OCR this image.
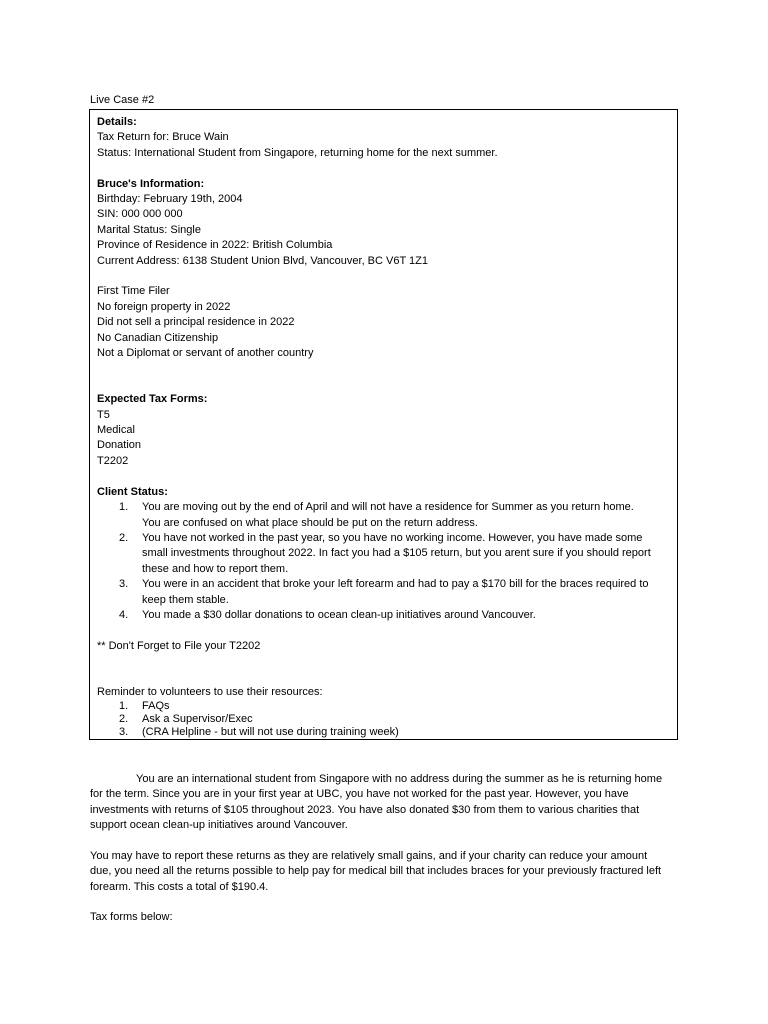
Live Case #2
Details:
Tax Return for: Bruce Wain
Status: International Student from Singapore, returning home for the next summer.
Bruce's Information:
Birthday: February 19th, 2004
SIN: 000 000 000
Marital Status: Single
Province of Residence in 2022: British Columbia
Current Address: 6138 Student Union Blvd, Vancouver, BC V6T 1Z1
First Time Filer
No foreign property in 2022
Did not sell a principal residence in 2022
No Canadian Citizenship
Not a Diplomat or servant of another country
Expected Tax Forms:
T5
Medical
Donation
T2202
Client Status:
1. You are moving out by the end of April and will not have a residence for Summer as you return home.
You are confused on what place should be put on the return address.
2. You have not worked in the past year, so you have no working income. However, you have made some
small investments throughout 2022. In fact you had a $105 return, but you arent sure if you should report
these and how to report them.
3. You were in an accident that broke your left forearm and had to pay a $170 bill for the braces required to
keep them stable.
4. You made a $30 dollar donations to ocean clean-up initiatives around Vancouver.
** Don't Forget to File your T2202
Reminder to volunteers to use their resources:
1. FAQs
2. Ask a Supervisor/Exec
3. (CRA Helpline - but will not use during training week)
You are an international student from Singapore with no address during the summer as he is returning home
for the term. Since you are in your first year at UBC, you have not worked for the past year. However, you have
investments with returns of $105 throughout 2023. You have also donated $30 from them to various charities that
support ocean clean-up initiatives around Vancouver.
You may have to report these returns as they are relatively small gains, and if your charity can reduce your amount
due, you need all the returns possible to help pay for medical bill that includes braces for your previously fractured left
forearm. This costs a total of $190.4.
Tax forms below:
